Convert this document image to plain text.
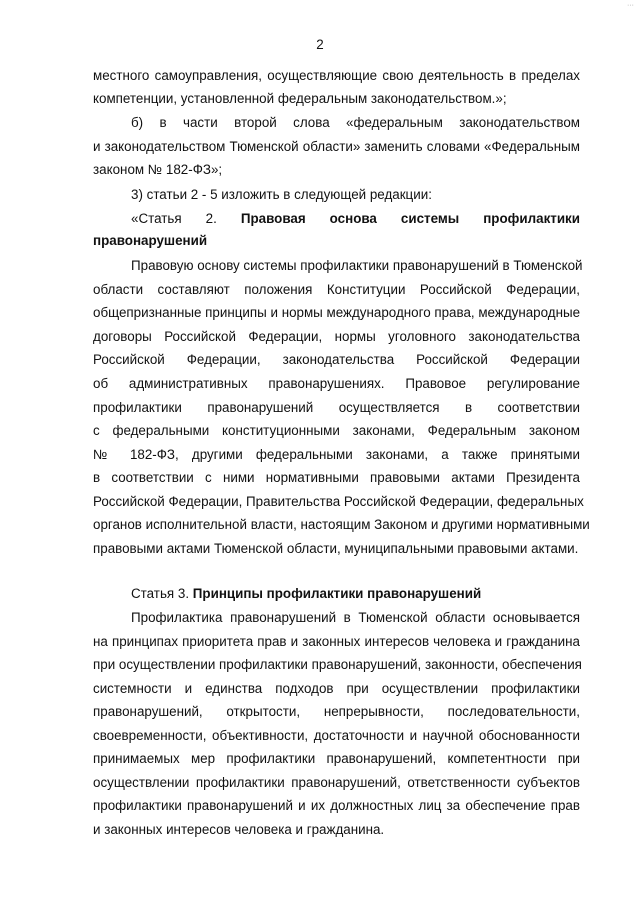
···
2
местного самоуправления, осуществляющие свою деятельность в пределах
компетенции, установленной федеральным законодательством.»;
б) в части второй слова «федеральным законодательством
и законодательством Тюменской области» заменить словами «Федеральным
законом № 182-ФЗ»;
3) статьи 2 - 5 изложить в следующей редакции:
«Статья 2. Правовая основа системы профилактики
правонарушений
Правовую основу системы профилактики правонарушений в Тюменской
области составляют положения Конституции Российской Федерации,
общепризнанные принципы и нормы международного права, международные
договоры Российской Федерации, нормы уголовного законодательства
Российской Федерации, законодательства Российской Федерации
об административных правонарушениях. Правовое регулирование
профилактики правонарушений осуществляется в соответствии
с федеральными конституционными законами, Федеральным законом
№ 182-ФЗ, другими федеральными законами, а также принятыми
в соответствии с ними нормативными правовыми актами Президента
Российской Федерации, Правительства Российской Федерации, федеральных
органов исполнительной власти, настоящим Законом и другими нормативными
правовыми актами Тюменской области, муниципальными правовыми актами.
Статья 3. Принципы профилактики правонарушений
Профилактика правонарушений в Тюменской области основывается
на принципах приоритета прав и законных интересов человека и гражданина
при осуществлении профилактики правонарушений, законности, обеспечения
системности и единства подходов при осуществлении профилактики
правонарушений, открытости, непрерывности, последовательности,
своевременности, объективности, достаточности и научной обоснованности
принимаемых мер профилактики правонарушений, компетентности при
осуществлении профилактики правонарушений, ответственности субъектов
профилактики правонарушений и их должностных лиц за обеспечение прав
и законных интересов человека и гражданина.
